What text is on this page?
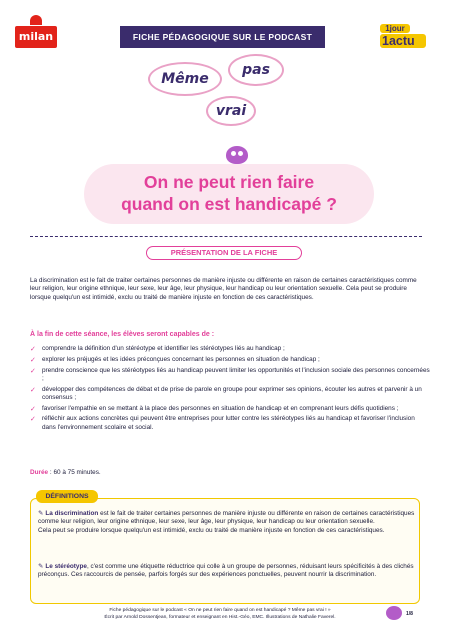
milan	FICHE PÉDAGOGIQUE SUR LE PODCAST
1jour
1actu
Même
pas
vrai
On ne peut rien faire
quand on est handicapé ?
PRÉSENTATION DE LA FICHE

La discrimination est le fait de traiter certaines personnes de manière injuste ou différente en raison de certaines caractéristiques comme leur religion, leur origine ethnique, leur sexe, leur âge, leur physique, leur handicap ou leur orientation sexuelle. Cela peut se produire lorsque quelqu'un est intimidé, exclu ou traité de manière injuste en fonction de ces caractéristiques.

À la fin de cette séance, les élèves seront capables de :
✓ comprendre la définition d'un stéréotype et identifier les stéréotypes liés au handicap ;
✓ explorer les préjugés et les idées préconçues concernant les personnes en situation de handicap ;
✓ prendre conscience que les stéréotypes liés au handicap peuvent limiter les opportunités et l'inclusion sociale des personnes concernées ;
✓ développer des compétences de débat et de prise de parole en groupe pour exprimer ses opinions, écouter les autres et parvenir à un consensus ;
✓ favoriser l'empathie en se mettant à la place des personnes en situation de handicap et en comprenant leurs défis quotidiens ;
✓ réfléchir aux actions concrètes qui peuvent être entreprises pour lutter contre les stéréotypes liés au handicap et favoriser l'inclusion dans l'environnement scolaire et social.
Durée : 60 à 75 minutes.
DÉFINITIONS
✎ La discrimination est le fait de traiter certaines personnes de manière injuste ou différente en raison de certaines caractéristiques comme leur religion, leur origine ethnique, leur sexe, leur âge, leur physique, leur handicap ou leur orientation sexuelle.
Cela peut se produire lorsque quelqu'un est intimidé, exclu ou traité de manière injuste en fonction de ces caractéristiques.
✎ Le stéréotype, c'est comme une étiquette réductrice qui colle à un groupe de personnes, réduisant leurs spécificités à des clichés préconçus. Ces raccourcis de pensée, parfois forgés sur des expériences ponctuelles, peuvent nourrir la discrimination.
Fiche pédagogique sur le podcast « On ne peut rien faire quand on est handicapé ? Même pas vrai ! »
Écrit par Arnold Dossentjean, formateur et enseignant en Hist.-Géo, EMC. Illustrations de Nathalie Faverel.
1/8
